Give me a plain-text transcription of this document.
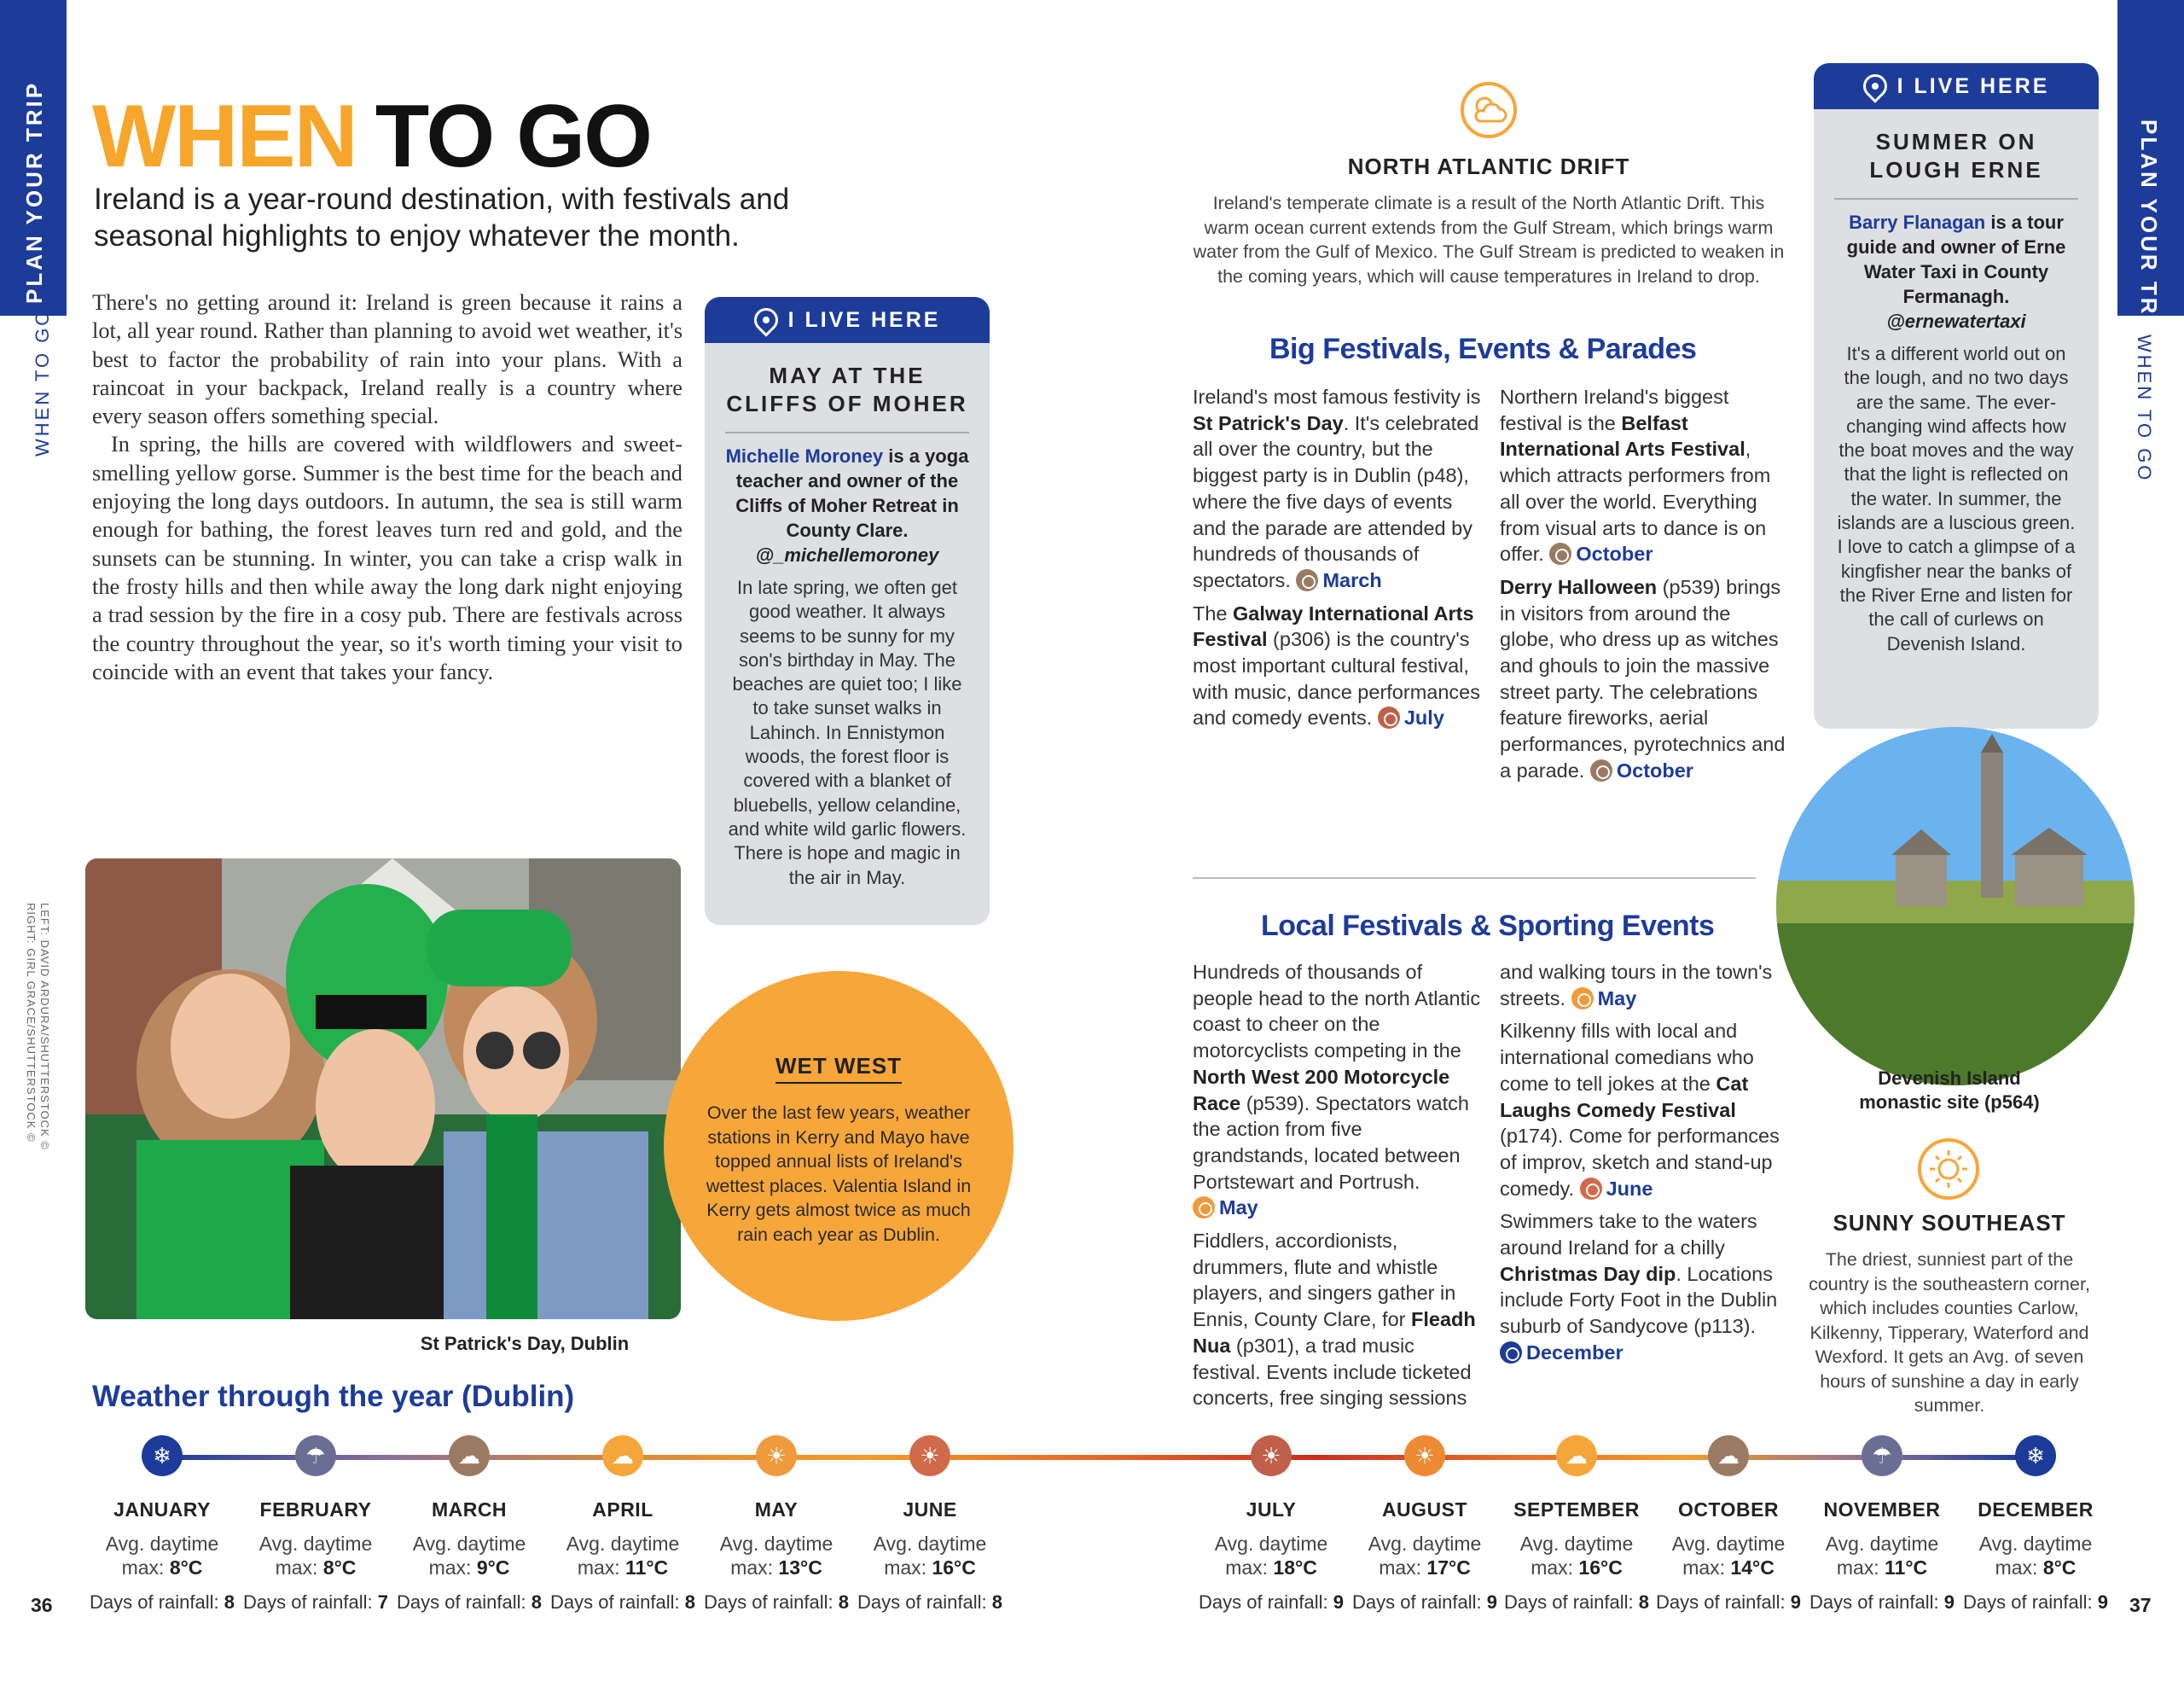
PLAN YOUR TRIP
WHEN TO GO
PLAN YOUR TRIP
WHEN TO GO
WHEN TO GO
Ireland is a year-round destination, with festivals and seasonal highlights to enjoy whatever the month.

There's no getting around it: Ireland is green because it rains a lot, all year round. Rather than planning to avoid wet weather, it's best to factor the probability of rain into your plans. With a raincoat in your backpack, Ireland really is a country where every season offers something special.

In spring, the hills are covered with wildflowers and sweet-smelling yellow gorse. Summer is the best time for the beach and enjoying the long days outdoors. In autumn, the sea is still warm enough for bathing, the forest leaves turn red and gold, and the sunsets can be stunning. In winter, you can take a crisp walk in the frosty hills and then while away the long dark night enjoying a trad session by the fire in a cosy pub. There are festivals across the country throughout the year, so it's worth timing your visit to coincide with an event that takes your fancy.

I LIVE HERE
MAY AT THE CLIFFS OF MOHER
Michelle Moroney is a yoga teacher and owner of the Cliffs of Moher Retreat in County Clare.
@_michellemoroney
In late spring, we often get good weather. It always seems to be sunny for my son's birthday in May. The beaches are quiet too; I like to take sunset walks in Lahinch. In Ennistymon woods, the forest floor is covered with a blanket of bluebells, yellow celandine, and white wild garlic flowers. There is hope and magic in the air in May.
St Patrick's Day, Dublin
LEFT: DAVID ARDURA/SHUTTERSTOCK ©
RIGHT: GIRL GRACE/SHUTTERSTOCK ©	WET WEST

Over the last few years, weather stations in Kerry and Mayo have topped annual lists of Ireland's wettest places. Valentia Island in Kerry gets almost twice as much rain each year as Dublin.

NORTH ATLANTIC DRIFT
Ireland's temperate climate is a result of the North Atlantic Drift. This warm ocean current extends from the Gulf Stream, which brings warm water from the Gulf of Mexico. The Gulf Stream is predicted to weaken in the coming years, which will cause temperatures in Ireland to drop.
Big Festivals, Events & Parades

Ireland's most famous festivity is St Patrick's Day. It's celebrated all over the country, but the biggest party is in Dublin (p48), where the five days of events and the parade are attended by hundreds of thousands of spectators. March

The Galway International Arts Festival (p306) is the country's most important cultural festival, with music, dance performances and comedy events. July

Northern Ireland's biggest festival is the Belfast International Arts Festival, which attracts performers from all over the world. Everything from visual arts to dance is on offer. October

Derry Halloween (p539) brings in visitors from around the globe, who dress up as witches and ghouls to join the massive street party. The celebrations feature fireworks, aerial performances, pyrotechnics and a parade. October

Local Festivals & Sporting Events

Hundreds of thousands of people head to the north Atlantic coast to cheer on the motorcyclists competing in the North West 200 Motorcycle Race (p539). Spectators watch the action from five grandstands, located between Portstewart and Portrush. May

Fiddlers, accordionists, drummers, flute and whistle players, and singers gather in Ennis, County Clare, for Fleadh Nua (p301), a trad music festival. Events include ticketed concerts, free singing sessions

and walking tours in the town's streets. May

Kilkenny fills with local and international comedians who come to tell jokes at the Cat Laughs Comedy Festival (p174). Come for performances of improv, sketch and stand-up comedy. June

Swimmers take to the waters around Ireland for a chilly Christmas Day dip. Locations include Forty Foot in the Dublin suburb of Sandycove (p113). December

I LIVE HERE
SUMMER ON LOUGH ERNE
Barry Flanagan is a tour guide and owner of Erne Water Taxi in County Fermanagh.
@ernewatertaxi
It's a different world out on the lough, and no two days are the same. The ever-changing wind affects how the boat moves and the way that the light is reflected on the water. In summer, the islands are a luscious green. I love to catch a glimpse of a kingfisher near the banks of the River Erne and listen for the call of curlews on Devenish Island.
Devenish Island monastic site (p564)
SUNNY SOUTHEAST
The driest, sunniest part of the country is the southeastern corner, which includes counties Carlow, Kilkenny, Tipperary, Waterford and Wexford. It gets an Avg. of seven hours of sunshine a day in early summer.
Weather through the year (Dublin)
❄
JANUARY
Avg. daytime
max: 8°C
Days of rainfall: 8
☂
FEBRUARY
Avg. daytime
max: 8°C
Days of rainfall: 7
☁
MARCH
Avg. daytime
max: 9°C
Days of rainfall: 8
☁
APRIL
Avg. daytime
max: 11°C
Days of rainfall: 8
☀
MAY
Avg. daytime
max: 13°C
Days of rainfall: 8
☀
JUNE
Avg. daytime
max: 16°C
Days of rainfall: 8
☀
JULY
Avg. daytime
max: 18°C
Days of rainfall: 9
☀
AUGUST
Avg. daytime
max: 17°C
Days of rainfall: 9
☁
SEPTEMBER
Avg. daytime
max: 16°C
Days of rainfall: 8
☁
OCTOBER
Avg. daytime
max: 14°C
Days of rainfall: 9
☂
NOVEMBER
Avg. daytime
max: 11°C
Days of rainfall: 9
❄
DECEMBER
Avg. daytime
max: 8°C
Days of rainfall: 9
36	37
